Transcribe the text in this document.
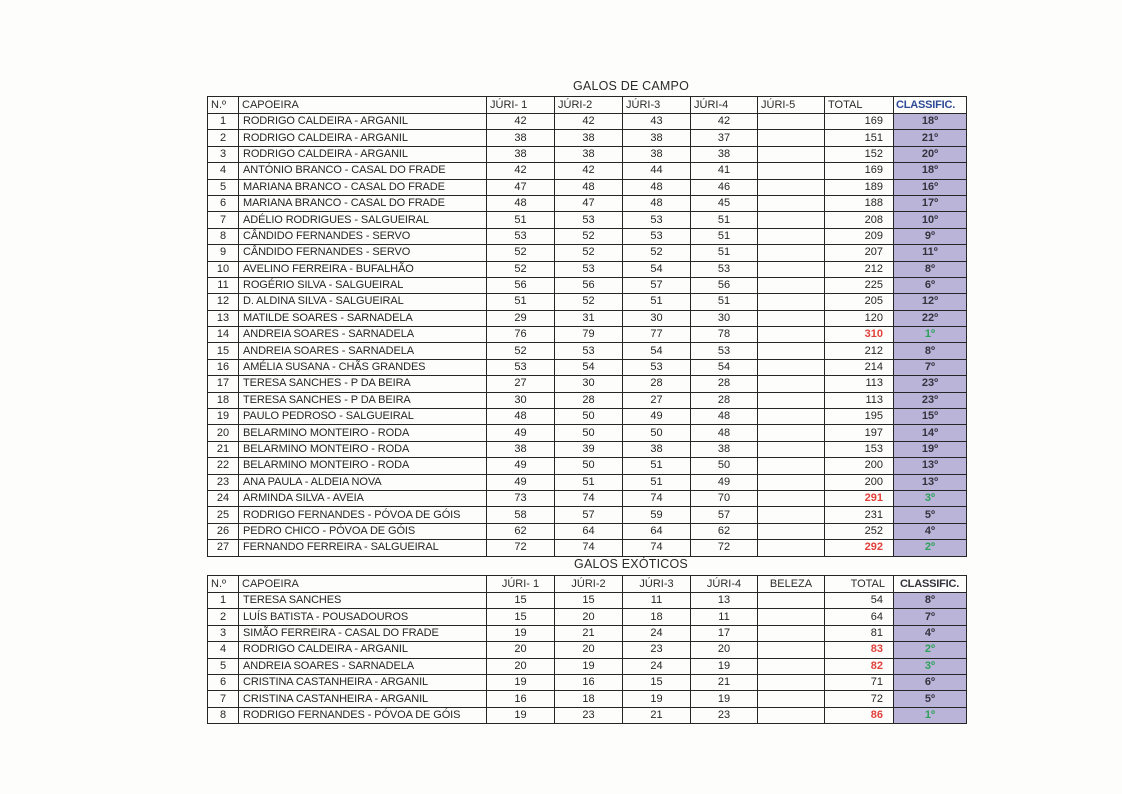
GALOS DE CAMPO
N.º	CAPOEIRA	JÚRI- 1	JÚRI-2	JÚRI-3	JÚRI-4	JÚRI-5	TOTAL	CLASSIFIC.
1	RODRIGO CALDEIRA - ARGANIL	42	42	43	42		169	18º
2	RODRIGO CALDEIRA - ARGANIL	38	38	38	37		151	21º
3	RODRIGO CALDEIRA - ARGANIL	38	38	38	38		152	20º
4	ANTÓNIO BRANCO - CASAL DO FRADE	42	42	44	41		169	18º
5	MARIANA BRANCO - CASAL DO FRADE	47	48	48	46		189	16º
6	MARIANA BRANCO - CASAL DO FRADE	48	47	48	45		188	17º
7	ADÉLIO RODRIGUES - SALGUEIRAL	51	53	53	51		208	10º
8	CÂNDIDO FERNANDES - SERVO	53	52	53	51		209	9º
9	CÂNDIDO FERNANDES - SERVO	52	52	52	51		207	11º
10	AVELINO FERREIRA - BUFALHÃO	52	53	54	53		212	8º
11	ROGÉRIO SILVA - SALGUEIRAL	56	56	57	56		225	6º
12	D. ALDINA SILVA - SALGUEIRAL	51	52	51	51		205	12º
13	MATILDE SOARES - SARNADELA	29	31	30	30		120	22º
14	ANDREIA SOARES - SARNADELA	76	79	77	78		310	1º
15	ANDREIA SOARES - SARNADELA	52	53	54	53		212	8º
16	AMÉLIA SUSANA - CHÃS GRANDES	53	54	53	54		214	7º
17	TERESA SANCHES - P DA BEIRA	27	30	28	28		113	23º
18	TERESA SANCHES - P DA BEIRA	30	28	27	28		113	23º
19	PAULO PEDROSO - SALGUEIRAL	48	50	49	48		195	15º
20	BELARMINO MONTEIRO - RODA	49	50	50	48		197	14º
21	BELARMINO MONTEIRO - RODA	38	39	38	38		153	19º
22	BELARMINO MONTEIRO - RODA	49	50	51	50		200	13º
23	ANA PAULA - ALDEIA NOVA	49	51	51	49		200	13º
24	ARMINDA SILVA - AVEIA	73	74	74	70		291	3º
25	RODRIGO FERNANDES - PÓVOA DE GÓIS	58	57	59	57		231	5º
26	PEDRO CHICO - PÓVOA DE GÓIS	62	64	64	62		252	4º
27	FERNANDO FERREIRA - SALGUEIRAL	72	74	74	72		292	2º
GALOS EXÓTICOS
N.º	CAPOEIRA	JÚRI- 1	JÚRI-2	JÚRI-3	JÚRI-4	BELEZA	TOTAL	CLASSIFIC.
1	TERESA SANCHES	15	15	11	13		54	8º
2	LUÍS BATISTA - POUSADOUROS	15	20	18	11		64	7º
3	SIMÃO FERREIRA - CASAL DO FRADE	19	21	24	17		81	4º
4	RODRIGO CALDEIRA - ARGANIL	20	20	23	20		83	2º
5	ANDREIA SOARES - SARNADELA	20	19	24	19		82	3º
6	CRISTINA CASTANHEIRA - ARGANIL	19	16	15	21		71	6º
7	CRISTINA CASTANHEIRA - ARGANIL	16	18	19	19		72	5º
8	RODRIGO FERNANDES - PÓVOA DE GÓIS	19	23	21	23		86	1º
